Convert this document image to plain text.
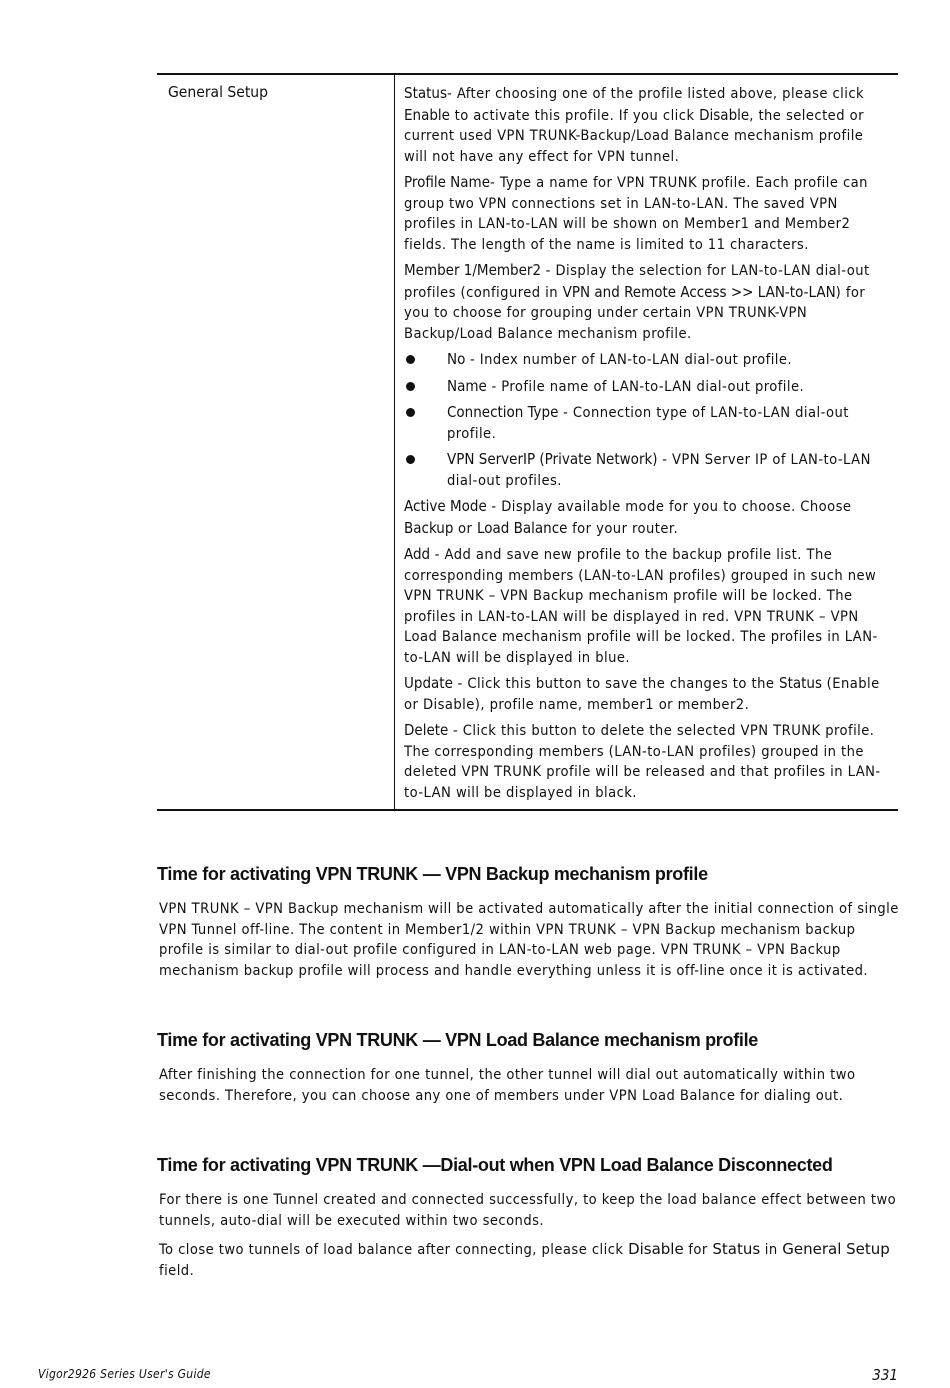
General Setup	Status- After choosing one of the profile listed above, please click Enable to activate this profile. If you click Disable, the selected or current used VPN TRUNK-Backup/Load Balance mechanism profile will not have any effect for VPN tunnel.

Profile Name- Type a name for VPN TRUNK profile. Each profile can group two VPN connections set in LAN-to-LAN. The saved VPN profiles in LAN-to-LAN will be shown on Member1 and Member2 fields. The length of the name is limited to 11 characters.

Member 1/Member2 - Display the selection for LAN-to-LAN dial-out profiles (configured in VPN and Remote Access >> LAN-to-LAN) for you to choose for grouping under certain VPN TRUNK-VPN Backup/Load Balance mechanism profile.

No - Index number of LAN-to-LAN dial-out profile.
Name - Profile name of LAN-to-LAN dial-out profile.
Connection Type - Connection type of LAN-to-LAN dial-out profile.
VPN ServerIP (Private Network) - VPN Server IP of LAN-to-LAN dial-out profiles.

Active Mode - Display available mode for you to choose. Choose Backup or Load Balance for your router.

Add - Add and save new profile to the backup profile list. The corresponding members (LAN-to-LAN profiles) grouped in such new VPN TRUNK – VPN Backup mechanism profile will be locked. The profiles in LAN-to-LAN will be displayed in red. VPN TRUNK – VPN Load Balance mechanism profile will be locked. The profiles in LAN-to-LAN will be displayed in blue.

Update - Click this button to save the changes to the Status (Enable or Disable), profile name, member1 or member2.

Delete - Click this button to delete the selected VPN TRUNK profile. The corresponding members (LAN-to-LAN profiles) grouped in the deleted VPN TRUNK profile will be released and that profiles in LAN-to-LAN will be displayed in black.

Time for activating VPN TRUNK — VPN Backup mechanism profile

VPN TRUNK – VPN Backup mechanism will be activated automatically after the initial connection of single VPN Tunnel off-line. The content in Member1/2 within VPN TRUNK – VPN Backup mechanism backup profile is similar to dial-out profile configured in LAN-to-LAN web page. VPN TRUNK – VPN Backup mechanism backup profile will process and handle everything unless it is off-line once it is activated.

Time for activating VPN TRUNK — VPN Load Balance mechanism profile

After finishing the connection for one tunnel, the other tunnel will dial out automatically within two seconds. Therefore, you can choose any one of members under VPN Load Balance for dialing out.

Time for activating VPN TRUNK —Dial-out when VPN Load Balance Disconnected

For there is one Tunnel created and connected successfully, to keep the load balance effect between two tunnels, auto-dial will be executed within two seconds.

To close two tunnels of load balance after connecting, please click Disable for Status in General Setup field.

Vigor2926 Series User's Guide	331
